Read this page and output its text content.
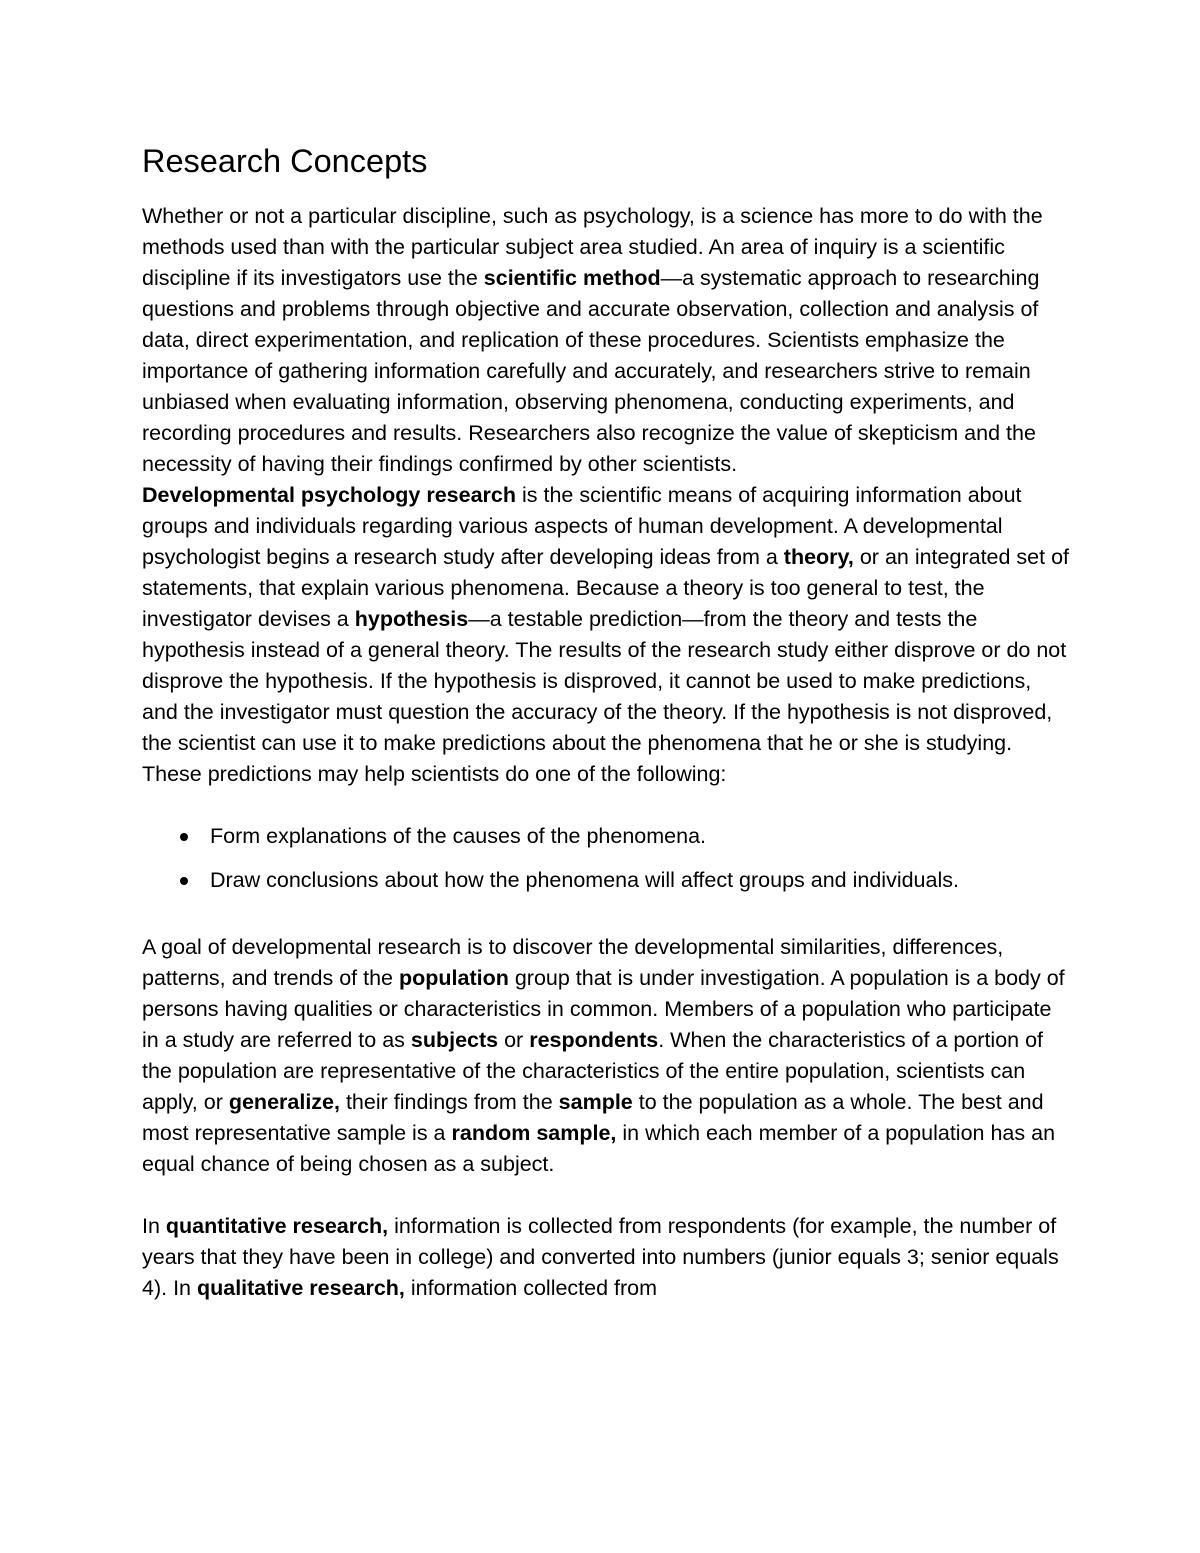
Research Concepts

Whether or not a particular discipline, such as psychology, is a science has more to do with the methods used than with the particular subject area studied. An area of inquiry is a scientific discipline if its investigators use the scientific method—a systematic approach to researching questions and problems through objective and accurate observation, collection and analysis of data, direct experimentation, and replication of these procedures. Scientists emphasize the importance of gathering information carefully and accurately, and researchers strive to remain unbiased when evaluating information, observing phenomena, conducting experiments, and recording procedures and results. Researchers also recognize the value of skepticism and the necessity of having their findings confirmed by other scientists.

Developmental psychology research is the scientific means of acquiring information about groups and individuals regarding various aspects of human development. A developmental psychologist begins a research study after developing ideas from a theory, or an integrated set of statements, that explain various phenomena. Because a theory is too general to test, the investigator devises a hypothesis—a testable prediction—from the theory and tests the hypothesis instead of a general theory. The results of the research study either disprove or do not disprove the hypothesis. If the hypothesis is disproved, it cannot be used to make predictions, and the investigator must question the accuracy of the theory. If the hypothesis is not disproved, the scientist can use it to make predictions about the phenomena that he or she is studying. These predictions may help scientists do one of the following:

Form explanations of the causes of the phenomena.
Draw conclusions about how the phenomena will affect groups and individuals.

A goal of developmental research is to discover the developmental similarities, differences, patterns, and trends of the population group that is under investigation. A population is a body of persons having qualities or characteristics in common. Members of a population who participate in a study are referred to as subjects or respondents. When the characteristics of a portion of the population are representative of the characteristics of the entire population, scientists can apply, or generalize, their findings from the sample to the population as a whole. The best and most representative sample is a random sample, in which each member of a population has an equal chance of being chosen as a subject.

In quantitative research, information is collected from respondents (for example, the number of years that they have been in college) and converted into numbers (junior equals 3; senior equals 4). In qualitative research, information collected from
